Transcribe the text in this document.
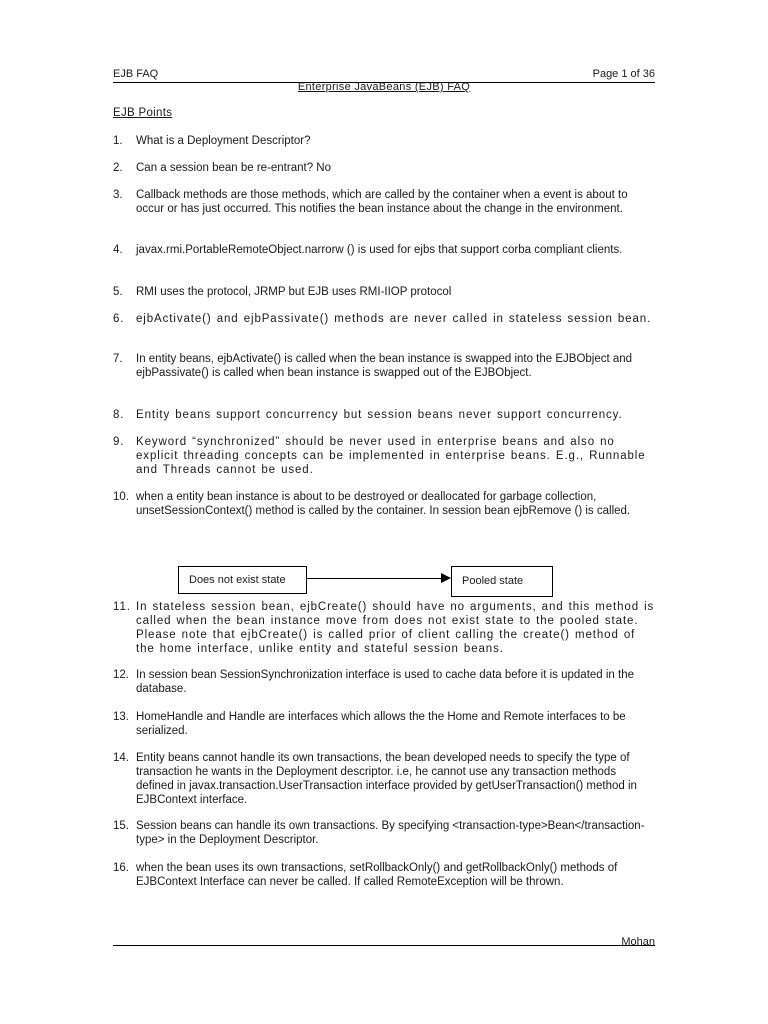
EJB FAQ	Page 1 of 36
Enterprise JavaBeans (EJB) FAQ
EJB Points
1.	What is a Deployment Descriptor?
2.	Can a session bean be re-entrant? No
3.	Callback methods are those methods, which are called by the container when a event is about to occur or has just occurred. This notifies the bean instance about the change in the environment.
4.	javax.rmi.PortableRemoteObject.narrorw () is used for ejbs that support corba compliant clients.
5.	RMI uses the protocol, JRMP but EJB uses RMI-IIOP protocol
6.	ejbActivate() and ejbPassivate() methods are never called in stateless session bean.
7.	In entity beans, ejbActivate() is called when the bean instance is swapped into the EJBObject and ejbPassivate() is called when bean instance is swapped out of the EJBObject.
8.	Entity beans support concurrency but session beans never support concurrency.
9.	Keyword “synchronized” should be never used in enterprise beans and also no explicit threading concepts can be implemented in enterprise beans. E.g., Runnable and Threads cannot be used.
10. when a entity bean instance is about to be destroyed or deallocated for garbage collection, unsetSessionContext() method is called by the container. In session bean ejbRemove () is called.
Does not exist state	Pooled state
11. In stateless session bean, ejbCreate() should have no arguments, and this method is called when the bean instance move from does not exist state to the pooled state. Please note that ejbCreate() is called prior of client calling the create() method of the home interface, unlike entity and stateful session beans.
12. In session bean SessionSynchronization interface is used to cache data before it is updated in the database.
13. HomeHandle and Handle are interfaces which allows the the Home and Remote interfaces to be serialized.
14. Entity beans cannot handle its own transactions, the bean developed needs to specify the type of transaction he wants in the Deployment descriptor. i.e, he cannot use any transaction methods defined in javax.transaction.UserTransaction interface provided by getUserTransaction() method in EJBContext interface.
15. Session beans can handle its own transactions. By specifying <transaction-type>Bean</transaction-type> in the Deployment Descriptor.
16. when the bean uses its own transactions, setRollbackOnly() and getRollbackOnly() methods of EJBContext Interface can never be called. If called RemoteException will be thrown.
Mohan
